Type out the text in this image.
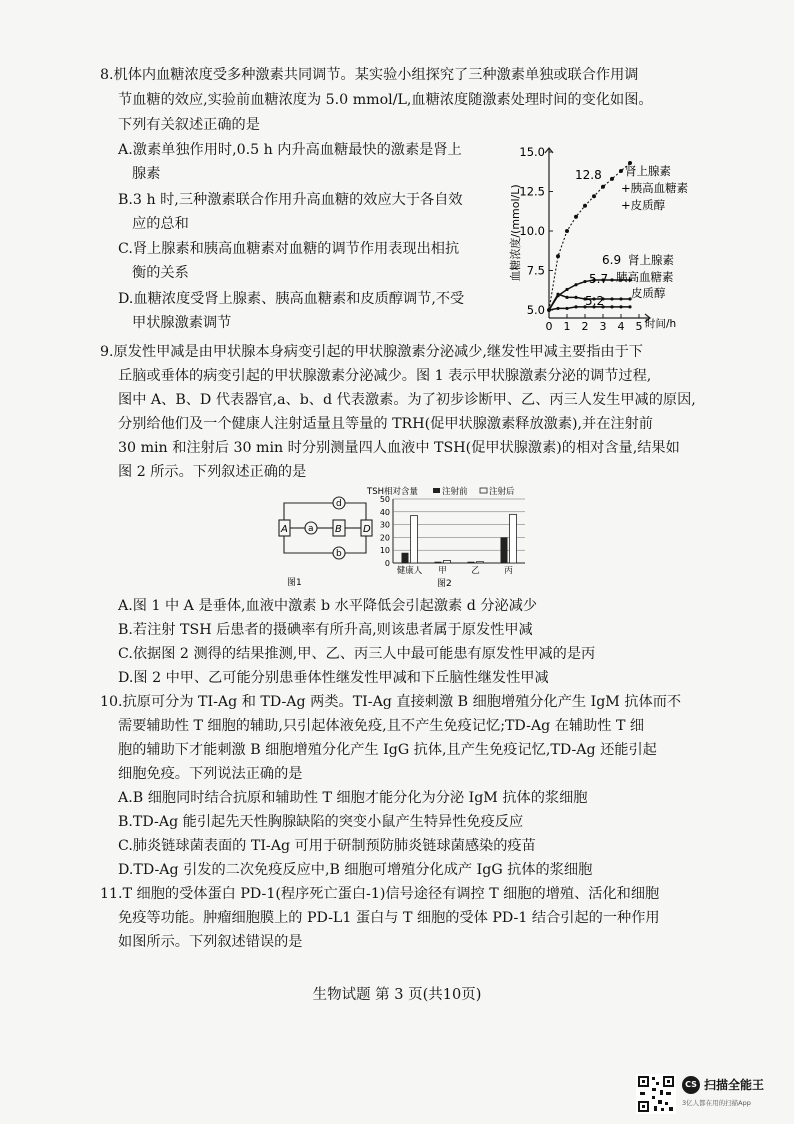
8.机体内血糖浓度受多种激素共同调节。某实验小组探究了三种激素单独或联合作用调
节血糖的效应,实验前血糖浓度为 5.0 mmol/L,血糖浓度随激素处理时间的变化如图。
下列有关叙述正确的是
A.激素单独作用时,0.5 h 内升高血糖最快的激素是肾上
腺素
B.3 h 时,三种激素联合作用升高血糖的效应大于各自效
应的总和
C.肾上腺素和胰高血糖素对血糖的调节作用表现出相抗
衡的关系
D.血糖浓度受肾上腺素、胰高血糖素和皮质醇调节,不受
甲状腺激素调节
15.0
12.5
10.0
7.5
5.0
0 1 2 3 4 5
血糖浓度/(mmol/L)
时间/h
12.8
6.9
5.7
5.2
肾上腺素
+胰高血糖素
+皮质醇
肾上腺素
胰高血糖素
皮质醇
9.原发性甲减是由甲状腺本身病变引起的甲状腺激素分泌减少,继发性甲减主要指由于下
丘脑或垂体的病变引起的甲状腺激素分泌减少。图 1 表示甲状腺激素分泌的调节过程,
图中 A、B、D 代表器官,a、b、d 代表激素。为了初步诊断甲、乙、丙三人发生甲减的原因,
分别给他们及一个健康人注射适量且等量的 TRH(促甲状腺激素释放激素),并在注射前
30 min 和注射后 30 min 时分别测量四人血液中 TSH(促甲状腺激素)的相对含量,结果如
图 2 所示。下列叙述正确的是
A a B D
d
b
图1
TSH相对含量	注射前	注射后
50
40
30
20
10
0
健康人 甲	乙	丙
图2
A.图 1 中 A 是垂体,血液中激素 b 水平降低会引起激素 d 分泌减少
B.若注射 TSH 后患者的摄碘率有所升高,则该患者属于原发性甲减
C.依据图 2 测得的结果推测,甲、乙、丙三人中最可能患有原发性甲减的是丙
D.图 2 中甲、乙可能分别患垂体性继发性甲减和下丘脑性继发性甲减
10.抗原可分为 TI-Ag 和 TD-Ag 两类。TI-Ag 直接刺激 B 细胞增殖分化产生 IgM 抗体而不
需要辅助性 T 细胞的辅助,只引起体液免疫,且不产生免疫记忆;TD-Ag 在辅助性 T 细
胞的辅助下才能刺激 B 细胞增殖分化产生 IgG 抗体,且产生免疫记忆,TD-Ag 还能引起
细胞免疫。下列说法正确的是
A.B 细胞同时结合抗原和辅助性 T 细胞才能分化为分泌 IgM 抗体的浆细胞
B.TD-Ag 能引起先天性胸腺缺陷的突变小鼠产生特异性免疫反应
C.肺炎链球菌表面的 TI-Ag 可用于研制预防肺炎链球菌感染的疫苗
D.TD-Ag 引发的二次免疫反应中,B 细胞可增殖分化成产 IgG 抗体的浆细胞
11.T 细胞的受体蛋白 PD-1(程序死亡蛋白-1)信号途径有调控 T 细胞的增殖、活化和细胞
免疫等功能。肿瘤细胞膜上的 PD-L1 蛋白与 T 细胞的受体 PD-1 结合引起的一种作用
如图所示。下列叙述错误的是
生物试题 第 3 页(共10页)
CS 扫描全能王
3亿人都在用的扫描App
